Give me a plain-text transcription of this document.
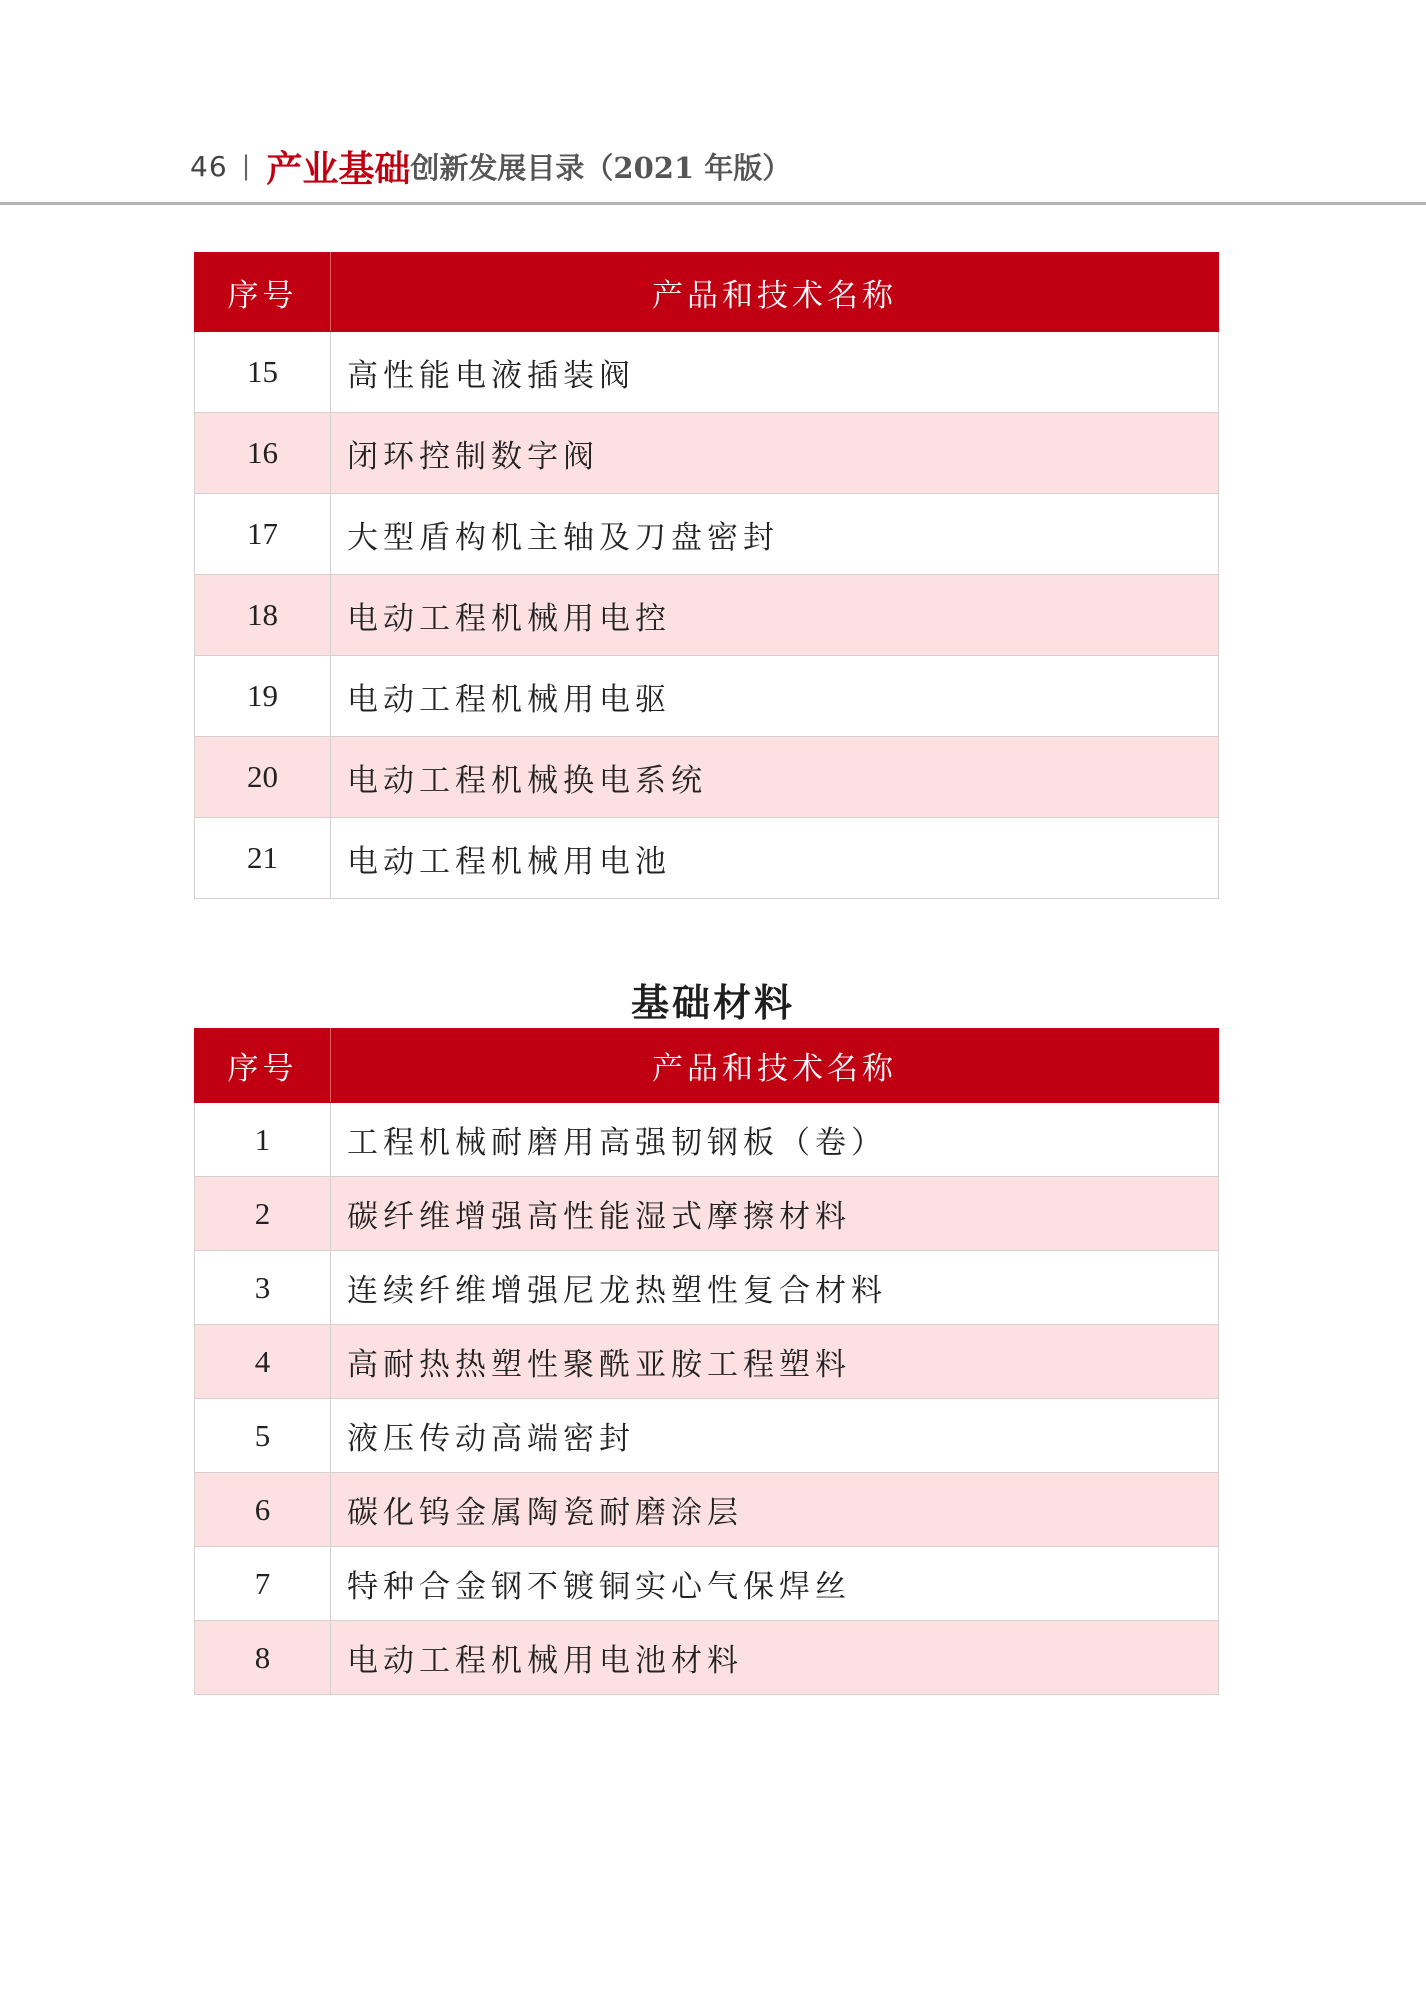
46 | 产业基础 创新发展目录（2021 年版）
序号	产品和技术名称
15	高性能电液插装阀
16	闭环控制数字阀
17	大型盾构机主轴及刀盘密封
18	电动工程机械用电控
19	电动工程机械用电驱
20	电动工程机械换电系统
21	电动工程机械用电池
基础材料
序号	产品和技术名称
1	工程机械耐磨用高强韧钢板（卷）
2	碳纤维增强高性能湿式摩擦材料
3	连续纤维增强尼龙热塑性复合材料
4	高耐热热塑性聚酰亚胺工程塑料
5	液压传动高端密封
6	碳化钨金属陶瓷耐磨涂层
7	特种合金钢不镀铜实心气保焊丝
8	电动工程机械用电池材料
